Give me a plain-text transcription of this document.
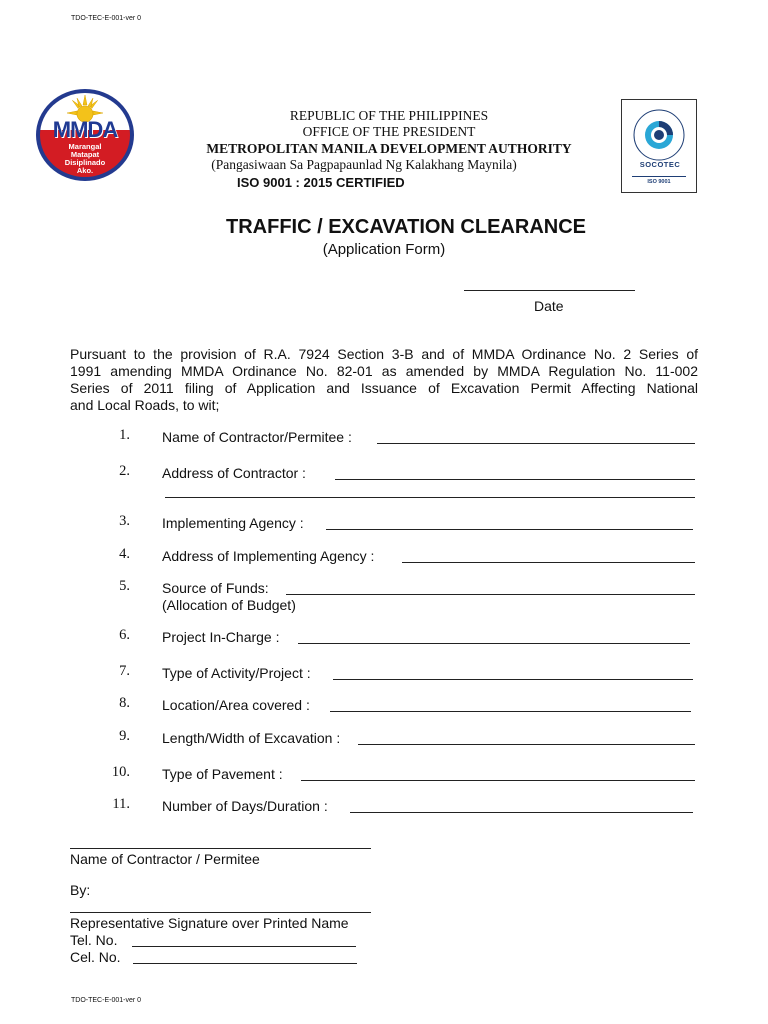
TDO-TEC-E-001-ver 0
TDO-TEC-E-001-ver 0
MMDA
Marangal
Matapat
Disiplinado
Ako.
SOCOTEC
ISO 9001
REPUBLIC OF THE PHILIPPINES
OFFICE OF THE PRESIDENT
METROPOLITAN MANILA DEVELOPMENT AUTHORITY
(Pangasiwaan Sa Pagpapaunlad Ng Kalakhang Maynila)
ISO 9001 : 2015 CERTIFIED
TRAFFIC / EXCAVATION CLEARANCE
(Application Form)
Date
Pursuant to the provision of R.A. 7924 Section 3-B and of MMDA Ordinance No. 2 Series of
1991 amending MMDA Ordinance No. 82-01 as amended by MMDA Regulation No. 11-002
Series of 2011 filing of Application and Issuance of Excavation Permit Affecting National
and Local Roads, to wit;
1. Name of Contractor/Permitee :
2. Address of Contractor :
3. Implementing Agency :
4. Address of Implementing Agency :
5. Source of Funds:
(Allocation of Budget)
6. Project In-Charge :
7. Type of Activity/Project :
8. Location/Area covered :
9. Length/Width of Excavation :
10. Type of Pavement :
11. Number of Days/Duration :
Name of Contractor / Permitee
By:
Representative Signature over Printed Name
Tel. No.
Cel. No.
